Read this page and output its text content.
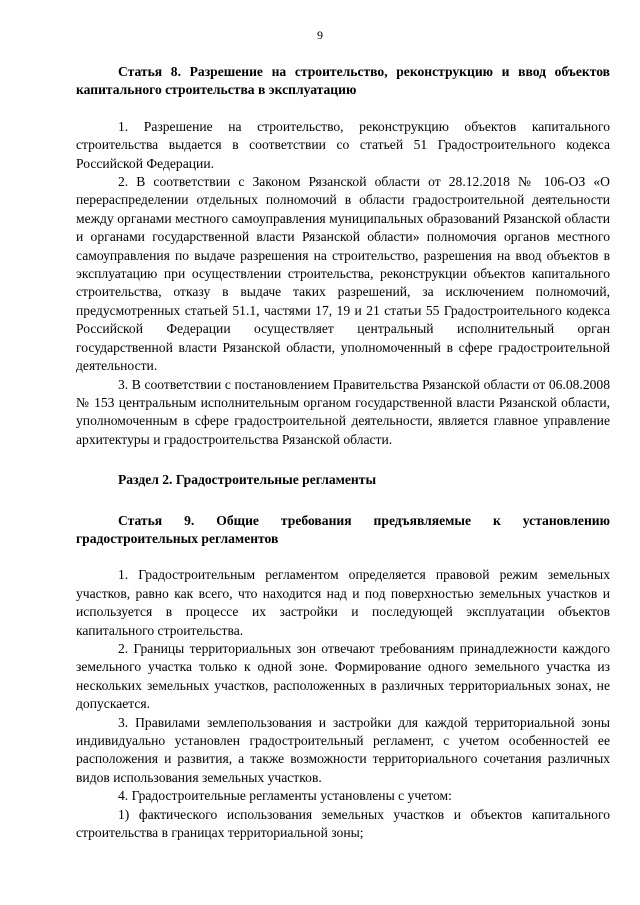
9

Статья 8. Разрешение на строительство, реконструкцию и ввод объектов капитального строительства в эксплуатацию

1. Разрешение на строительство, реконструкцию объектов капитального строительства выдается в соответствии со статьей 51 Градостроительного кодекса Российской Федерации.

2. В соответствии с Законом Рязанской области от 28.12.2018 № 106-ОЗ «О перераспределении отдельных полномочий в области градостроительной деятельности между органами местного самоуправления муниципальных образований Рязанской области и органами государственной власти Рязанской области» полномочия органов местного самоуправления по выдаче разрешения на строительство, разрешения на ввод объектов в эксплуатацию при осуществлении строительства, реконструкции объектов капитального строительства, отказу в выдаче таких разрешений, за исключением полномочий, предусмотренных статьей 51.1, частями 17, 19 и 21 статьи 55 Градостроительного кодекса Российской Федерации осуществляет центральный исполнительный орган государственной власти Рязанской области, уполномоченный в сфере градостроительной деятельности.

3. В соответствии с постановлением Правительства Рязанской области от 06.08.2008 № 153 центральным исполнительным органом государственной власти Рязанской области, уполномоченным в сфере градостроительной деятельности, является главное управление архитектуры и градостроительства Рязанской области.

Раздел 2. Градостроительные регламенты

Статья 9. Общие требования предъявляемые к установлению градостроительных регламентов

1. Градостроительным регламентом определяется правовой режим земельных участков, равно как всего, что находится над и под поверхностью земельных участков и используется в процессе их застройки и последующей эксплуатации объектов капитального строительства.

2. Границы территориальных зон отвечают требованиям принадлежности каждого земельного участка только к одной зоне. Формирование одного земельного участка из нескольких земельных участков, расположенных в различных территориальных зонах, не допускается.

3. Правилами землепользования и застройки для каждой территориальной зоны индивидуально установлен градостроительный регламент, с учетом особенностей ее расположения и развития, а также возможности территориального сочетания различных видов использования земельных участков.

4. Градостроительные регламенты установлены с учетом:

1) фактического использования земельных участков и объектов капитального строительства в границах территориальной зоны;
